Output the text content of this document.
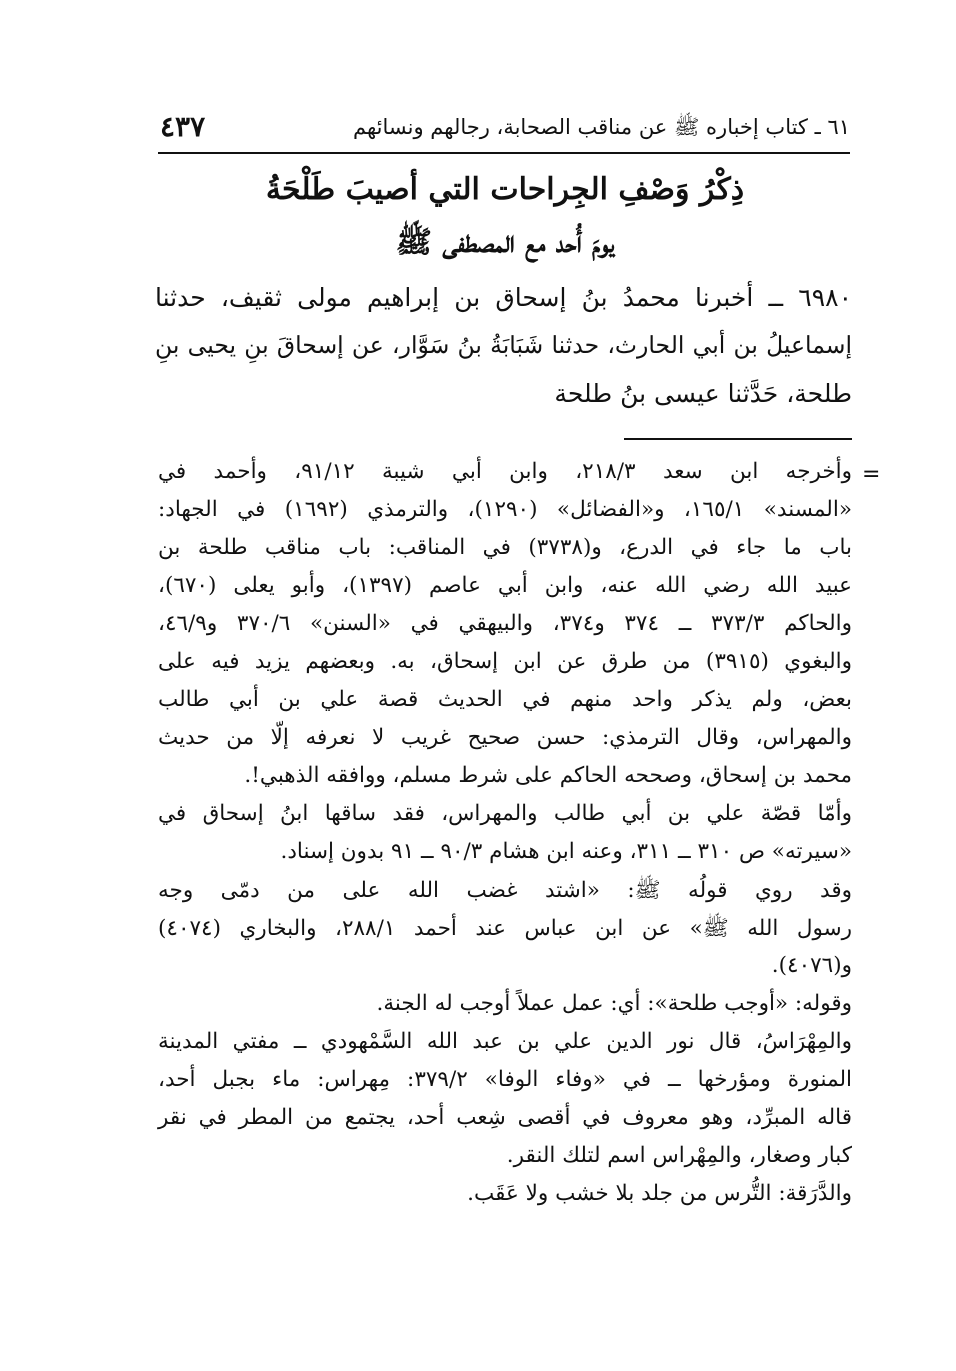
٦١ ـ كتاب إخباره ﷺ عن مناقب الصحابة، رجالهم ونسائهم
٤٣٧
ذِكْرُ وَصْفِ الجِراحات التي أصيبَ طَلْحَةُ
يومَ أُحد مع المصطفى ﷺ
٦٩٨٠ ــ أخبرنا محمدُ بنُ إسحاق بن إبراهيم مولى ثقيف، حدثنا
إسماعيلُ بن أبي الحارث، حدثنا شَبَابَةُ بنُ سَوَّار، عن إسحاقَ بنِ يحيى بنِ
طلحة، حَدَّثنا عيسى بنُ طلحة
=
وأخرجه ابن سعد ٢١٨/٣، وابن أبي شيبة ٩١/١٢، وأحمد في
«المسند» ١٦٥/١، و«الفضائل» (١٢٩٠)، والترمذي (١٦٩٢) في الجهاد:
باب ما جاء في الدرع، و(٣٧٣٨) في المناقب: باب مناقب طلحة بن
عبيد الله رضي الله عنه، وابن أبي عاصم (١٣٩٧)، وأبو يعلى (٦٧٠)،
والحاكم ٣٧٣/٣ ــ ٣٧٤ و٣٧٤، والبيهقي في «السنن» ٣٧٠/٦ و٤٦/٩،
والبغوي (٣٩١٥) من طرق عن ابن إسحاق، به. وبعضهم يزيد فيه على
بعض، ولم يذكر واحد منهم في الحديث قصة علي بن أبي طالب
والمهراس، وقال الترمذي: حسن صحيح غريب لا نعرفه إلّا من حديث
محمد بن إسحاق، وصححه الحاكم على شرط مسلم، ووافقه الذهبي!.
وأمّا قصّة علي بن أبي طالب والمهراس، فقد ساقها ابنُ إسحاق في
«سيرته» ص ٣١٠ ــ ٣١١، وعنه ابن هشام ٩٠/٣ ــ ٩١ بدون إسناد.
وقد روي قولُه ﷺ: «اشتد غضب الله على من دمّى وجه
رسول الله ﷺ» عن ابن عباس عند أحمد ٢٨٨/١، والبخاري (٤٠٧٤)
و(٤٠٧٦).
وقوله: «أوجب طلحة»: أي: عمل عملاً أوجب له الجنة.
والمِهْرَاسُ، قال نور الدين علي بن عبد الله السَّمْهودي ــ مفتي المدينة
المنورة ومؤرخها ــ في «وفاء الوفا» ٣٧٩/٢: مِهراس: ماء بجبل أحد،
قاله المبرِّد، وهو معروف في أقصى شِعب أحد، يجتمع من المطر في نقر
كبار وصغار، والمِهْراس اسم لتلك النقر.
والدَّرَقة: التُّرس من جلد بلا خشب ولا عَقَب.
